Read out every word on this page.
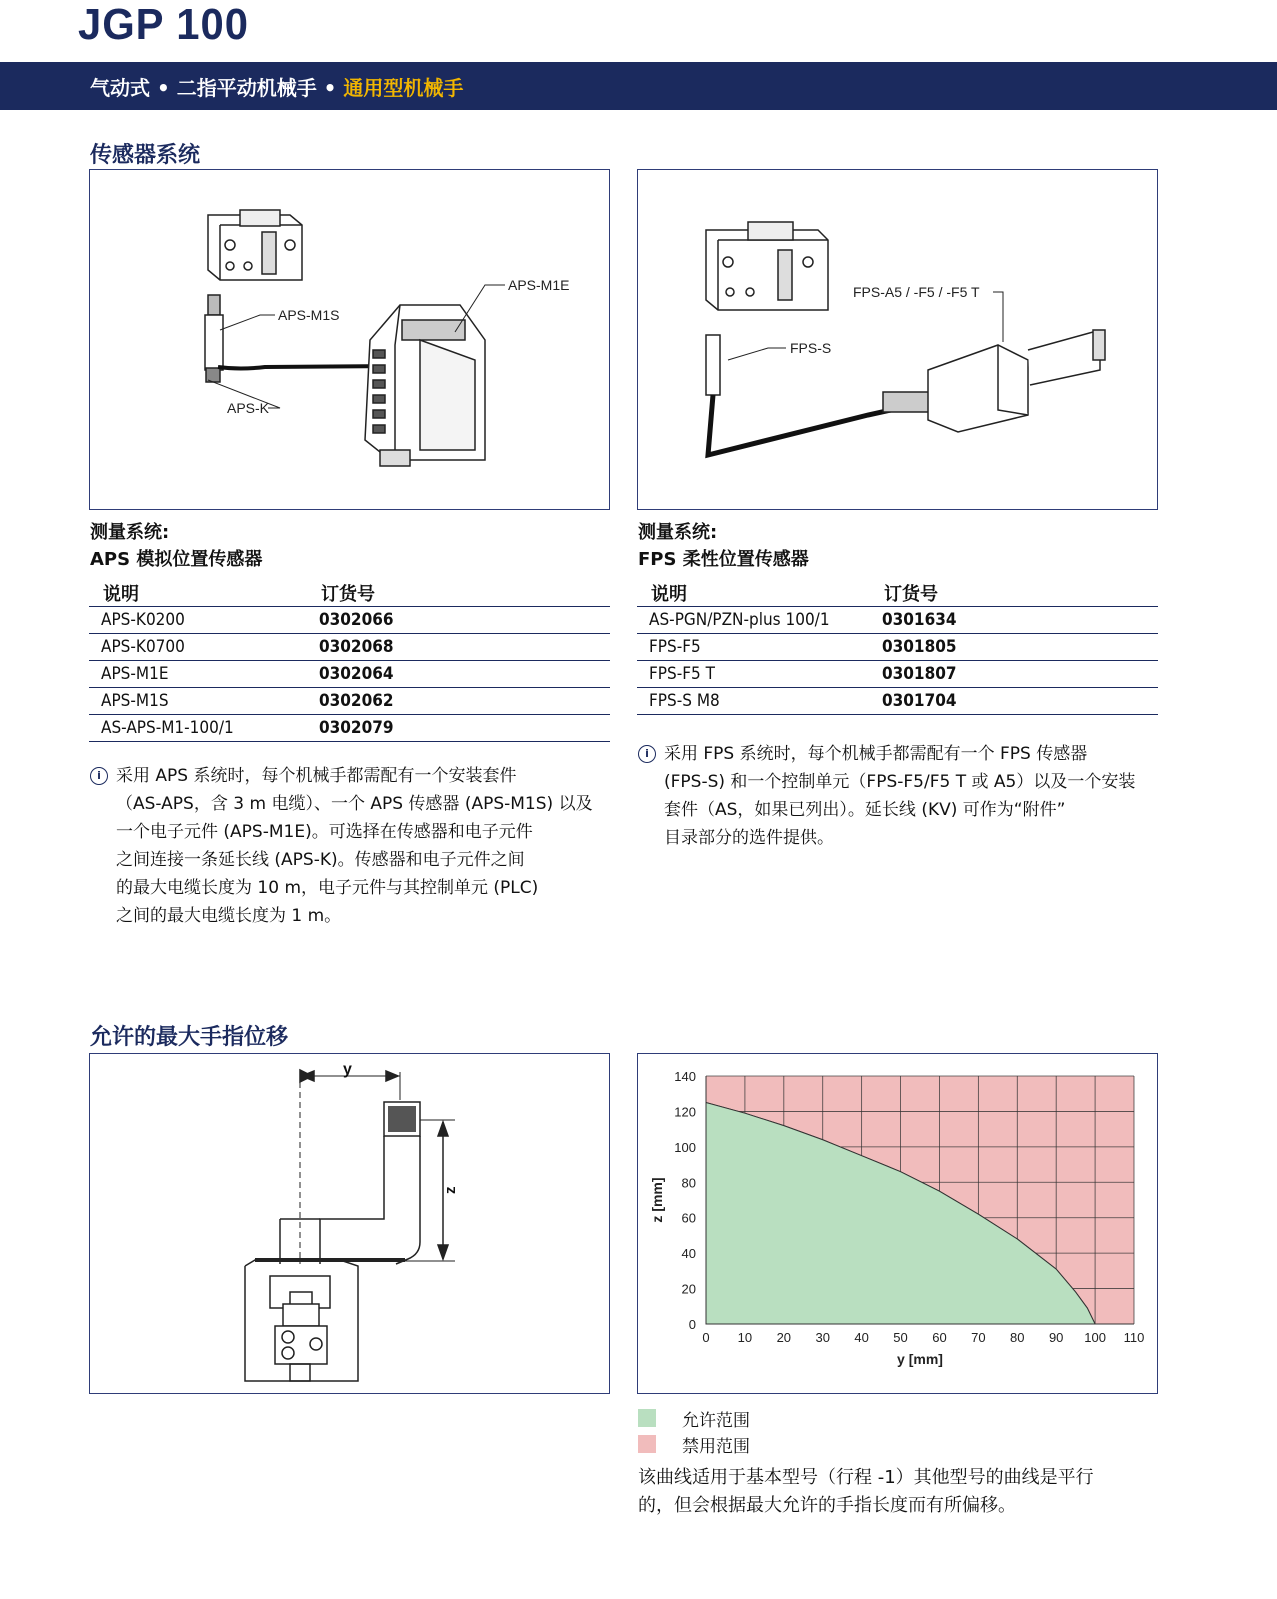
JGP 100
气动式 • 二指平动机械手 • 通用型机械手
传感器系统
APS-M1E
APS-M1S
APS-K
FPS-A5 / -F5 / -F5 T
FPS-S
测量系统:
APS 模拟位置传感器
测量系统:
FPS 柔性位置传感器
说明	订货号
APS-K0200	0302066
APS-K0700	0302068
APS-M1E	0302064
APS-M1S	0302062
AS-APS-M1-100/1	0302079
说明	订货号
AS-PGN/PZN-plus 100/1	0301634
FPS-F5	0301805
FPS-F5 T	0301807
FPS-S M8	0301704
i 采用 APS 系统时，每个机械手都需配有一个安装套件
（AS-APS，含 3 m 电缆）、一个 APS 传感器 (APS-M1S) 以及
一个电子元件 (APS-M1E)。可选择在传感器和电子元件
之间连接一条延长线 (APS-K)。传感器和电子元件之间
的最大电缆长度为 10 m，电子元件与其控制单元 (PLC)
之间的最大电缆长度为 1 m。
i 采用 FPS 系统时，每个机械手都需配有一个 FPS 传感器
(FPS-S) 和一个控制单元（FPS-F5/F5 T 或 A5）以及一个安装
套件（AS，如果已列出）。延长线 (KV) 可作为“附件”
目录部分的选件提供。
允许的最大手指位移
y
z
0 10 20 30 40 50 60 70 80 90 100 110
0
20
40
60
80
100
120
140
y [mm]
z [mm]
允许范围
禁用范围
该曲线适用于基本型号（行程 -1）其他型号的曲线是平行
的，但会根据最大允许的手指长度而有所偏移。
